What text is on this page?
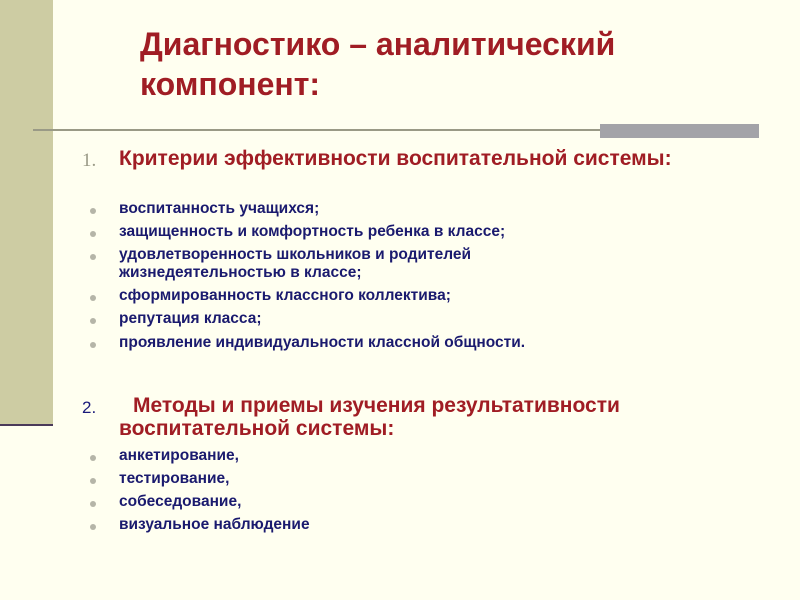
Диагностико – аналитический компонент:
1. Критерии эффективности воспитательной системы:
воспитанность учащихся;
защищенность и комфортность ребенка в классе;
удовлетворенность школьников и родителей жизнедеятельностью в классе;
сформированность классного коллектива;
репутация класса;
проявление индивидуальности классной общности.
2.	Методы и приемы изучения результативности воспитательной системы:
анкетирование,
тестирование,
собеседование,
визуальное наблюдение
